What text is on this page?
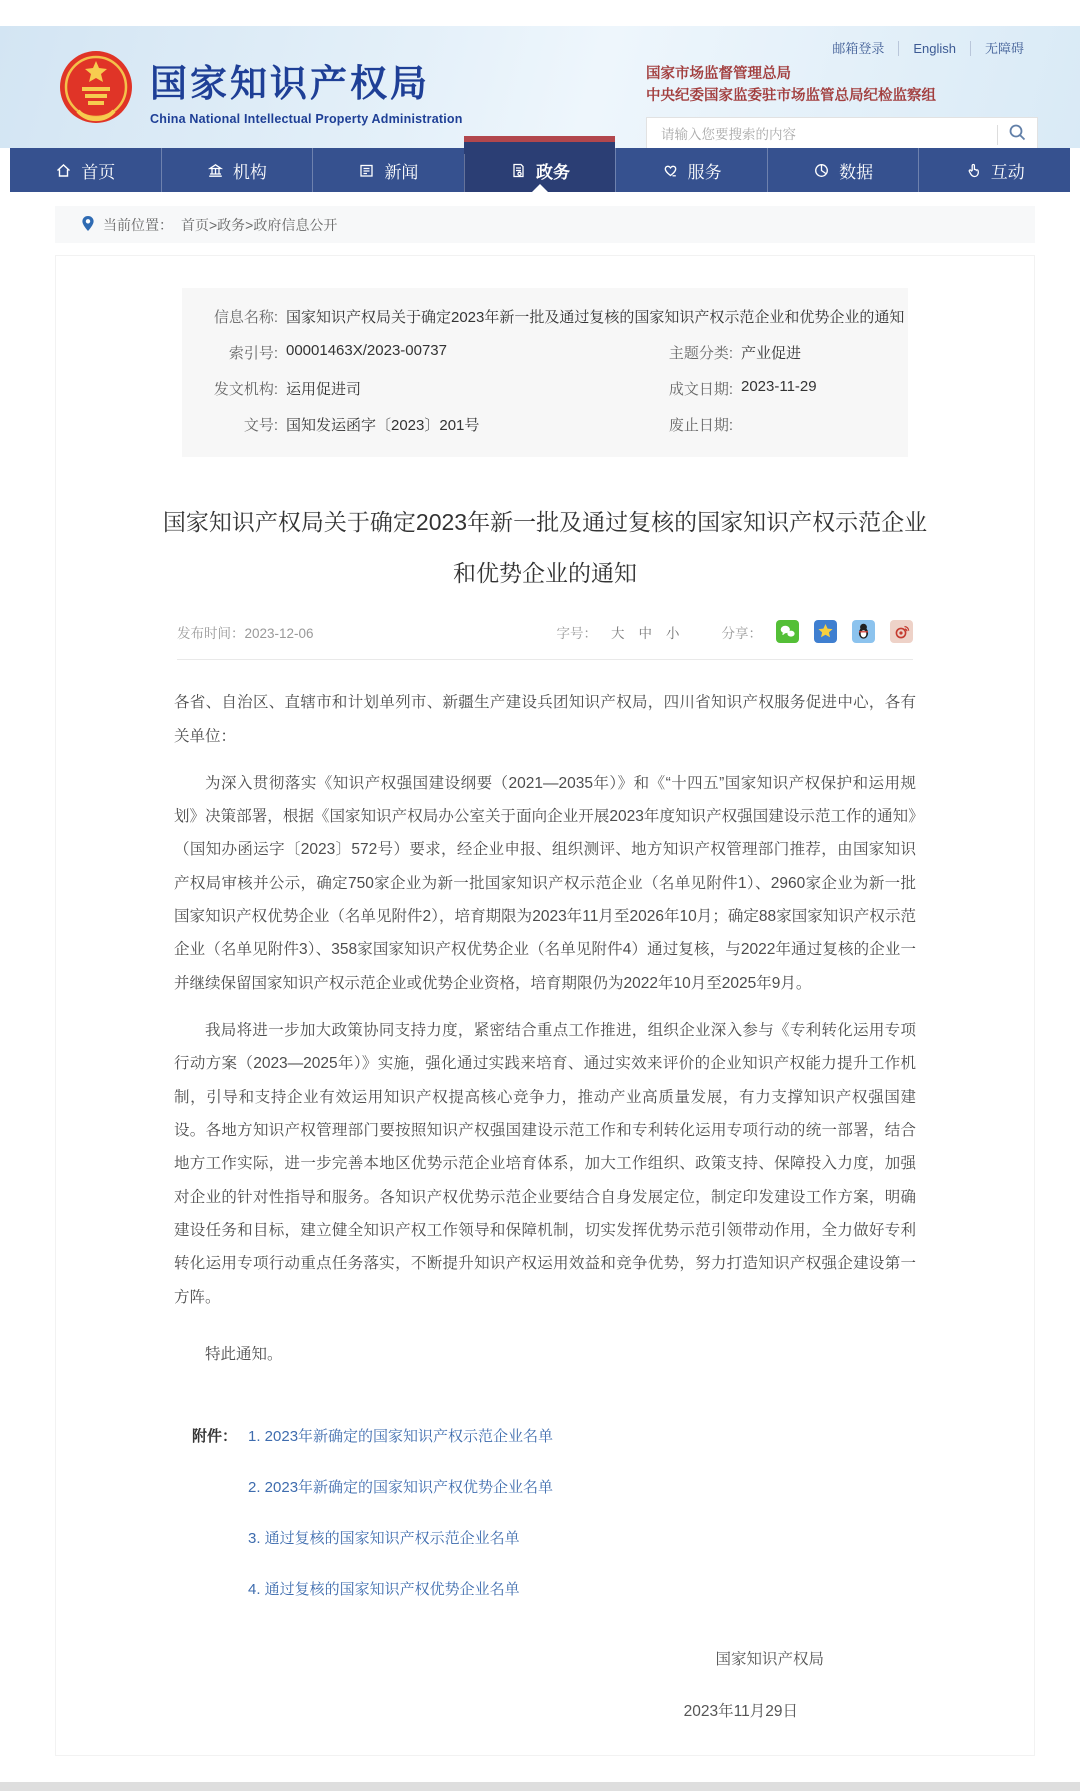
国家知识产权局
China National Intellectual Property Administration
邮箱登录 English 无障碍
国家市场监督管理总局
中央纪委国家监委驻市场监管总局纪检监察组
请输入您要搜索的内容
首页	机构	新闻	政务	服务	数据	互动
当前位置： 首页>政务>政府信息公开
信息名称: 国家知识产权局关于确定2023年新一批及通过复核的国家知识产权示范企业和优势企业的通知
索引号: 00001463X/2023-00737	主题分类: 产业促进
发文机构: 运用促进司	成文日期: 2023-11-29
文号: 国知发运函字〔2023〕201号	废止日期:
国家知识产权局关于确定2023年新一批及通过复核的国家知识产权示范企业和优势企业的通知
发布时间：2023-12-06	字号： 大 中 小	分享：

各省、自治区、直辖市和计划单列市、新疆生产建设兵团知识产权局，四川省知识产权服务促进中心，各有关单位：

为深入贯彻落实《知识产权强国建设纲要（2021—2035年）》和《“十四五”国家知识产权保护和运用规划》决策部署，根据《国家知识产权局办公室关于面向企业开展2023年度知识产权强国建设示范工作的通知》（国知办函运字〔2023〕572号）要求，经企业申报、组织测评、地方知识产权管理部门推荐，由国家知识产权局审核并公示，确定750家企业为新一批国家知识产权示范企业（名单见附件1）、2960家企业为新一批国家知识产权优势企业（名单见附件2），培育期限为2023年11月至2026年10月；确定88家国家知识产权示范企业（名单见附件3）、358家国家知识产权优势企业（名单见附件4）通过复核，与2022年通过复核的企业一并继续保留国家知识产权示范企业或优势企业资格，培育期限仍为2022年10月至2025年9月。

我局将进一步加大政策协同支持力度，紧密结合重点工作推进，组织企业深入参与《专利转化运用专项行动方案（2023—2025年）》实施，强化通过实践来培育、通过实效来评价的企业知识产权能力提升工作机制，引导和支持企业有效运用知识产权提高核心竞争力，推动产业高质量发展，有力支撑知识产权强国建设。各地方知识产权管理部门要按照知识产权强国建设示范工作和专利转化运用专项行动的统一部署，结合地方工作实际，进一步完善本地区优势示范企业培育体系，加大工作组织、政策支持、保障投入力度，加强对企业的针对性指导和服务。各知识产权优势示范企业要结合自身发展定位，制定印发建设工作方案，明确建设任务和目标，建立健全知识产权工作领导和保障机制，切实发挥优势示范引领带动作用，全力做好专利转化运用专项行动重点任务落实，不断提升知识产权运用效益和竞争优势，努力打造知识产权强企建设第一方阵。

特此通知。

附件： 1. 2023年新确定的国家知识产权示范企业名单
2. 2023年新确定的国家知识产权优势企业名单
3. 通过复核的国家知识产权示范企业名单
4. 通过复核的国家知识产权优势企业名单
国家知识产权局
2023年11月29日
